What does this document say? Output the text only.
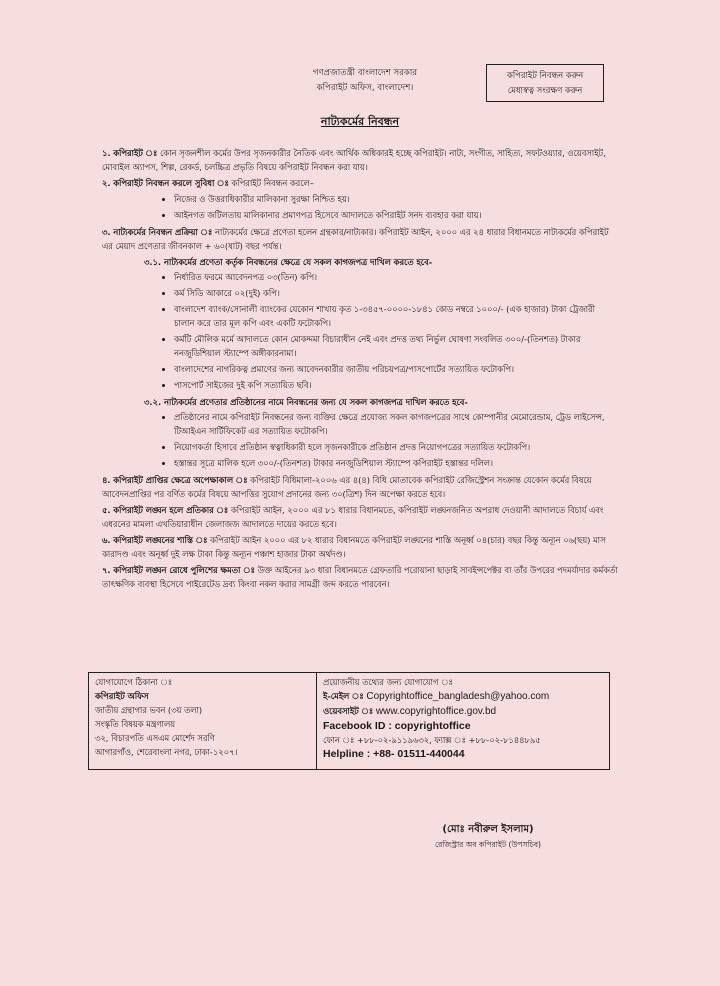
গণপ্রজাতন্ত্রী বাংলাদেশ সরকার
কপিরাইট অফিস, বাংলাদেশ।
কপিরাইট নিবন্ধন করুন
মেধাস্বত্ব সংরক্ষণ করুন
নাট্যকর্মের নিবন্ধন
১. কপিরাইট ঃ কোন সৃজনশীল কর্মের উপর সৃজনকারীর নৈতিক এবং আর্থিক অধিকারই হচ্ছে কপিরাইট। নাট্য, সংগীত, সাহিত্য, সফটওয়্যার, ওয়েবসাইট, মোবাইল অ্যাপস, শিল্প, রেকর্ড, চলচ্চিত্র প্রভৃতি বিষয়ে কপিরাইট নিবন্ধন করা যায়।
২. কপিরাইট নিবন্ধন করলে সুবিধা ঃ কপিরাইট নিবন্ধন করলে–
• নিজের ও উত্তরাধিকারীর মালিকানা সুরক্ষা নিশ্চিত হয়।
• আইনগত জটিলতায় মালিকানার প্রমাণপত্র হিসেবে আদালতে কপিরাইট সনদ ব্যবহার করা যায়।
৩. নাট্যকর্মের নিবন্ধন প্রক্রিয়া ঃ নাট্যকর্মের ক্ষেত্রে প্রণেতা হলেন গ্রন্থকার/নাট্যকার। কপিরাইট আইন, ২০০০ এর ২৪ ধারার বিধানমতে নাট্যকর্মের কপিরাইট এর মেয়াদ প্রণেতার জীবনকাল + ৬০(ষাট) বছর পর্যন্ত।
৩.১. নাট্যকর্মের প্রণেতা কর্তৃক নিবন্ধনের ক্ষেত্রে যে সকল কাগজপত্র দাখিল করতে হবে-
• নির্ধারিত ফরমে আবেদনপত্র ০৩(তিন) কপি।
• কর্ম সিডি আকারে ০২(দুই) কপি।
• বাংলাদেশ ব্যাংক/সোনালী ব্যাংকের যেকোন শাখায় কৃত ১-৩৪৫৭-০০০০-১৮৪১ কোড নম্বরে ১০০০/- (এক হাজার) টাকা ট্রেজারী চালান করে তার মূল কপি এবং একটি ফটোকপি।
• কর্মটি মৌলিক মর্মে আদালতে কোন মোকদ্দমা বিচারাধীন নেই এবং প্রদত্ত তথ্য নির্ভুল ঘোষণা সংবলিত ৩০০/-(তিনশত) টাকার ননজুডিশিয়াল স্ট্যাম্পে অঙ্গীকারনামা।
• বাংলাদেশের নাগরিকত্ব প্রমাণের জন্য আবেদনকারীর জাতীয় পরিচয়পত্র/পাসপোর্টের সত্যায়িত ফটোকপি।
• পাসপোর্ট সাইজের দুই কপি সত্যায়িত ছবি।
৩.২. নাট্যকর্মের প্রণেতার প্রতিষ্ঠানের নামে নিবন্ধনের জন্য যে সকল কাগজপত্র দাখিল করতে হবে-
• প্রতিষ্ঠানের নামে কপিরাইট নিবন্ধনের জন্য ব্যক্তির ক্ষেত্রে প্রযোজ্য সকল কাগজপত্রের সাথে কোম্পানীর মেমোরেন্ডাম, ট্রেড লাইসেন্স, টিআইএন সার্টিফিকেট এর সত্যায়িত ফটোকপি।
• নিয়োগকর্তা হিসাবে প্রতিষ্ঠান স্বত্বাধিকারী হলে সৃজনকারীকে প্রতিষ্ঠান প্রদত্ত নিয়োগপত্রের সত্যায়িত ফটোকপি।
• হস্তান্তর সূত্রে মালিক হলে ৩০০/-(তিনশত) টাকার ননজুডিশিয়াল স্ট্যাম্পে কপিরাইট হস্তান্তর দলিল।
৪. কপিরাইট প্রাপ্তির ক্ষেত্রে অপেক্ষাকাল ঃ কপিরাইট বিধিমালা-২০০৬ এর ৪(৪) বিধি মোতাবেক কপিরাইট রেজিস্ট্রেশন সংক্রান্ত যেকোন কর্মের বিষয়ে আবেদনপ্রাপ্তির পর বর্ণিত কর্মের বিষয়ে আপত্তির সুযোগ প্রদানের জন্য ৩০(ত্রিশ) দিন অপেক্ষা করতে হবে।
৫. কপিরাইট লঙ্ঘন হলে প্রতিকার ঃ কপিরাইট আইন, ২০০০ এর ৮১ ধারার বিধানমতে, কপিরাইট লঙ্ঘনজনিত অপরাধ দেওয়ানী আদালতে বিচার্য এবং এধরনের মামলা এখতিয়ারাধীন জেলাজজ আদালতে দায়ের করতে হবে।
৬. কপিরাইট লঙ্ঘনের শাস্তি ঃ কপিরাইট আইন ২০০০ এর ৮২ ধারার বিধানমতে কপিরাইট লঙ্ঘনের শাস্তি অনূর্ধ্ব ০৪(চার) বছর কিন্তু অন্যূন ০৬(ছয়) মাস কারাদণ্ড এবং অনূর্ধ্ব দুই লক্ষ টাকা কিন্তু অন্যূন পঞ্চাশ হাজার টাকা অর্থদণ্ড।
৭. কপিরাইট লঙ্ঘন রোধে পুলিশের ক্ষমতা ঃ উক্ত আইনের ৯৩ ধারা বিধানমতে গ্রেফতারি পরোয়ানা ছাড়াই সাবইন্সপেক্টর বা তাঁর উপরের পদমর্যাদার কর্মকর্তা তাৎক্ষণিক ব্যবস্থা হিসেবে পাইরেটেড দ্রব্য কিংবা নকল করার সামগ্রী জব্দ করতে পারবেন।
যোগাযোগে ঠিকানা ঃ
কপিরাইট অফিস
জাতীয় গ্রন্থাগার ভবন (৩য় তলা)
সংস্কৃতি বিষয়ক মন্ত্রণালয়
৩২, বিচারপতি এসএম মোর্শেদ সরণি
আগারগাঁও, শেরেবাংলা নগর, ঢাকা-১২০৭।
প্রয়োজনীয় তথ্যের জন্য যোগাযোগ ঃ
ই-মেইল ঃ Copyrightoffice_bangladesh@yahoo.com
ওয়েবসাইট ঃ www.copyrightoffice.gov.bd
Facebook ID : copyrightoffice
ফোন ঃ +৮৮-০২-৯১১৯৬৩২, ফ্যাক্স ঃ +৮৮-০২-৮১৪৪৮৯৫
Helpline : +88- 01511-440044
(মোঃ নবীরুল ইসলাম)
রেজিস্ট্রার অব কপিরাইট (উপসচিব)
